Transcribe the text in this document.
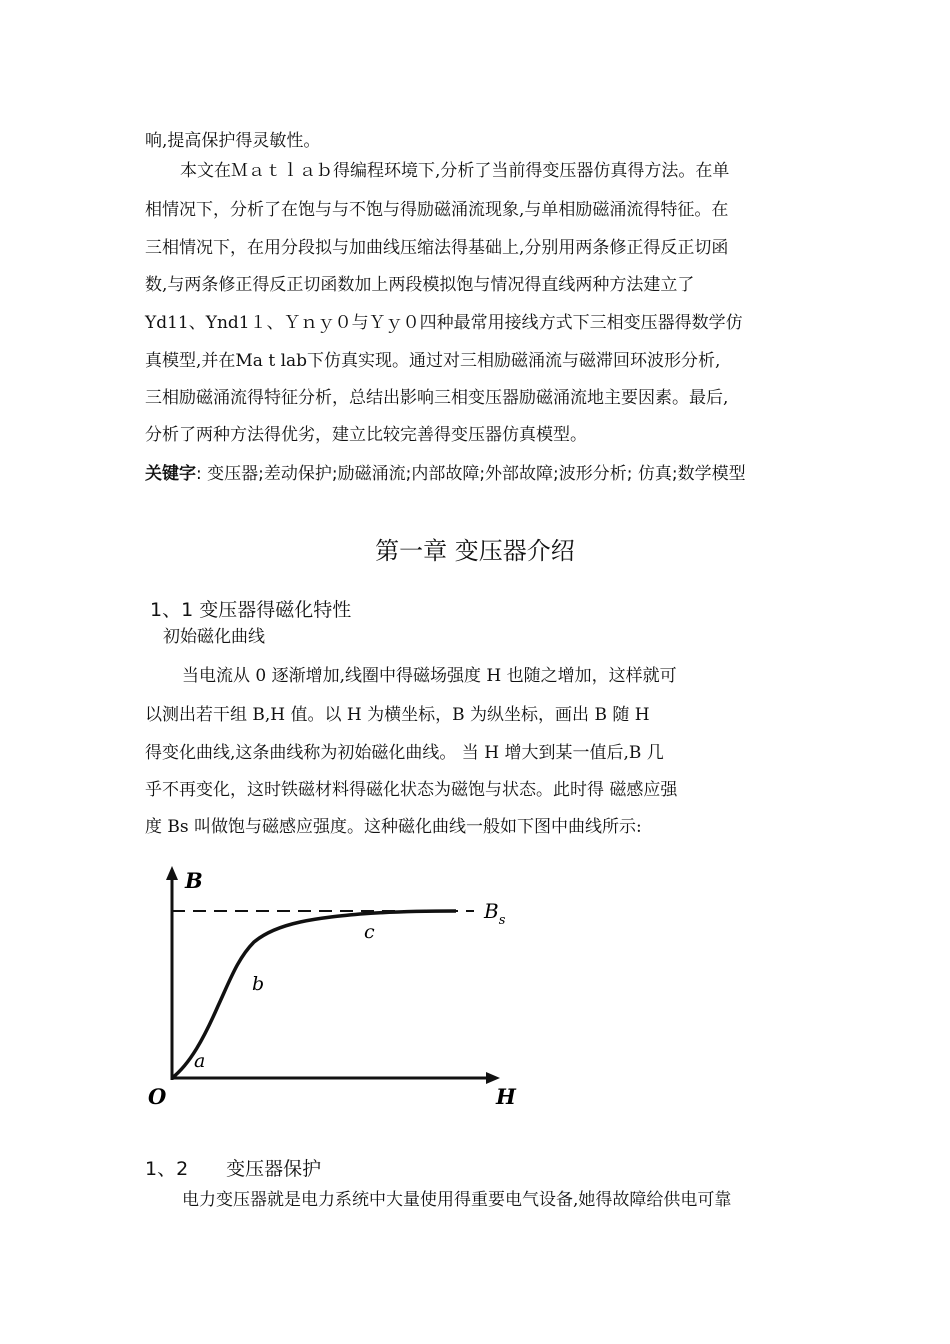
响,提高保护得灵敏性。
本文在Ｍａｔｌａｂ得编程环境下,分析了当前得变压器仿真得方法。在单
相情况下，分析了在饱与与不饱与得励磁涌流现象,与单相励磁涌流得特征。在
三相情况下，在用分段拟与加曲线压缩法得基础上,分别用两条修正得反正切函
数,与两条修正得反正切函数加上两段模拟饱与情况得直线两种方法建立了
Yd11、Ynd1１、Ｙｎｙ０与Ｙｙ０四种最常用接线方式下三相变压器得数学仿
真模型,并在Ma t lab下仿真实现。通过对三相励磁涌流与磁滞回环波形分析,
三相励磁涌流得特征分析，总结出影响三相变压器励磁涌流地主要因素。最后,
分析了两种方法得优劣，建立比较完善得变压器仿真模型。
关键字: 变压器;差动保护;励磁涌流;内部故障;外部故障;波形分析; 仿真;数学模型
第一章 变压器介绍
1、1 变压器得磁化特性
初始磁化曲线
当电流从 0 逐渐增加,线圈中得磁场强度 H 也随之增加，这样就可
以测出若干组 B,H 值。以 H 为横坐标，B 为纵坐标，画出 B 随 H
得变化曲线,这条曲线称为初始磁化曲线。 当 H 增大到某一值后,B 几
乎不再变化，这时铁磁材料得磁化状态为磁饱与状态。此时得 磁感应强
度 Bs 叫做饱与磁感应强度。这种磁化曲线一般如下图中曲线所示:
B
H
O
$B_s$
a
b
c
1、2　　变压器保护
电力变压器就是电力系统中大量使用得重要电气设备,她得故障给供电可靠
